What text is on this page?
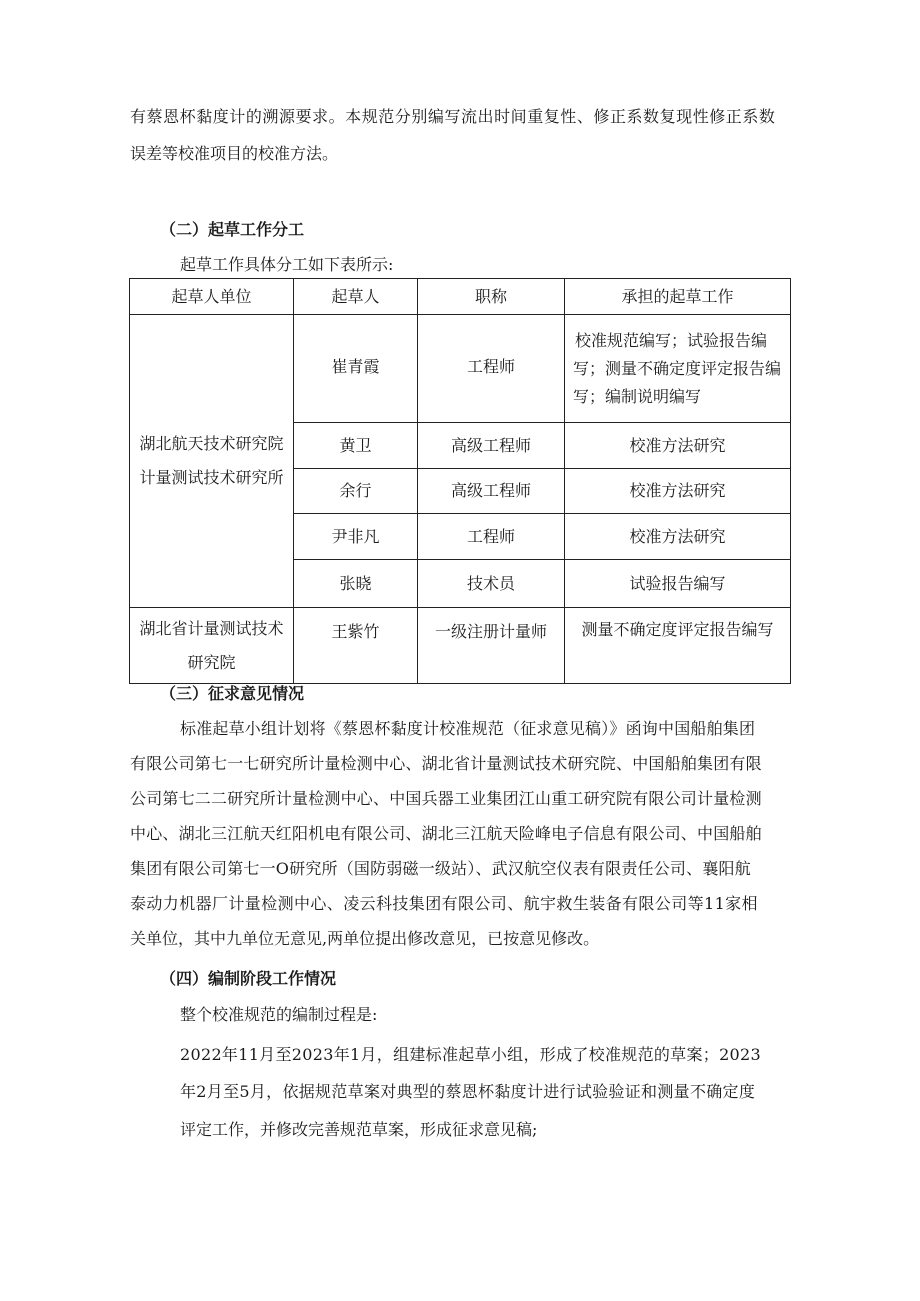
有蔡恩杯黏度计的溯源要求。本规范分别编写流出时间重复性、修正系数复现性修正系数
误差等校准项目的校准方法。
（二）起草工作分工
起草工作具体分工如下表所示:
起草人单位	起草人	职称	承担的起草工作

湖北航天技术研究院
计量测试技术研究所	崔青霞	工程师	校准规范编写；试验报告编
写；测量不确定度评定报告编
写；编制说明编写

	黄卫	高级工程师	校准方法研究
	余行	高级工程师	校准方法研究
	尹非凡	工程师	校准方法研究
	张晓	技术员	试验报告编写

湖北省计量测试技术
研究院	王紫竹	一级注册计量师	测量不确定度评定报告编写
（三）征求意见情况
标准起草小组计划将《蔡恩杯黏度计校准规范（征求意见稿）》函询中国船舶集团
有限公司第七一七研究所计量检测中心、湖北省计量测试技术研究院、中国船舶集团有限
公司第七二二研究所计量检测中心、中国兵器工业集团江山重工研究院有限公司计量检测
中心、湖北三江航天红阳机电有限公司、湖北三江航天险峰电子信息有限公司、中国船舶
集团有限公司第七一O研究所（国防弱磁一级站）、武汉航空仪表有限责任公司、襄阳航
泰动力机器厂计量检测中心、凌云科技集团有限公司、航宇救生装备有限公司等11家相
关单位，其中九单位无意见,两单位提出修改意见，已按意见修改。
（四）编制阶段工作情况
整个校准规范的编制过程是:
2022年11月至2023年1月，组建标准起草小组，形成了校准规范的草案；2023
年2月至5月，依据规范草案对典型的蔡恩杯黏度计进行试验验证和测量不确定度
评定工作，并修改完善规范草案，形成征求意见稿;
